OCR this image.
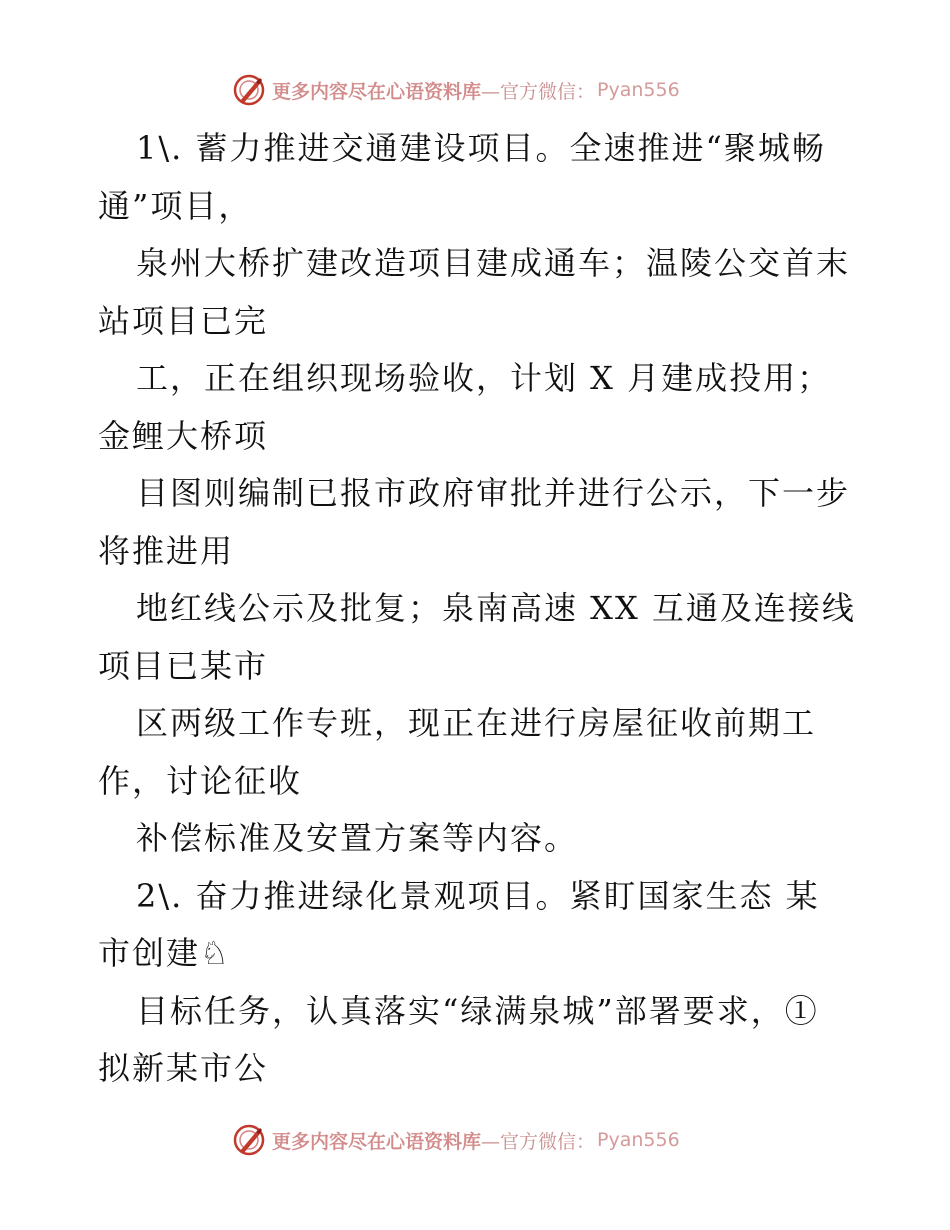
更多内容尽在心语资料库 —官方微信： Pyan556
1\. 蓄力推进交通建设项目。全速推进“聚城畅
通”项目，
泉州大桥扩建改造项目建成通车；温陵公交首末
站项目已完
工，正在组织现场验收，计划 X 月建成投用；
金鲤大桥项
目图则编制已报市政府审批并进行公示，下一步
将推进用
地红线公示及批复；泉南高速 XX 互通及连接线
项目已某市
区两级工作专班，现正在进行房屋征收前期工
作，讨论征收
补偿标准及安置方案等内容。
2\. 奋力推进绿化景观项目。紧盯国家生态 某
市创建♘
目标任务，认真落实“绿满泉城”部署要求，①
拟新某市公
更多内容尽在心语资料库 —官方微信： Pyan556
